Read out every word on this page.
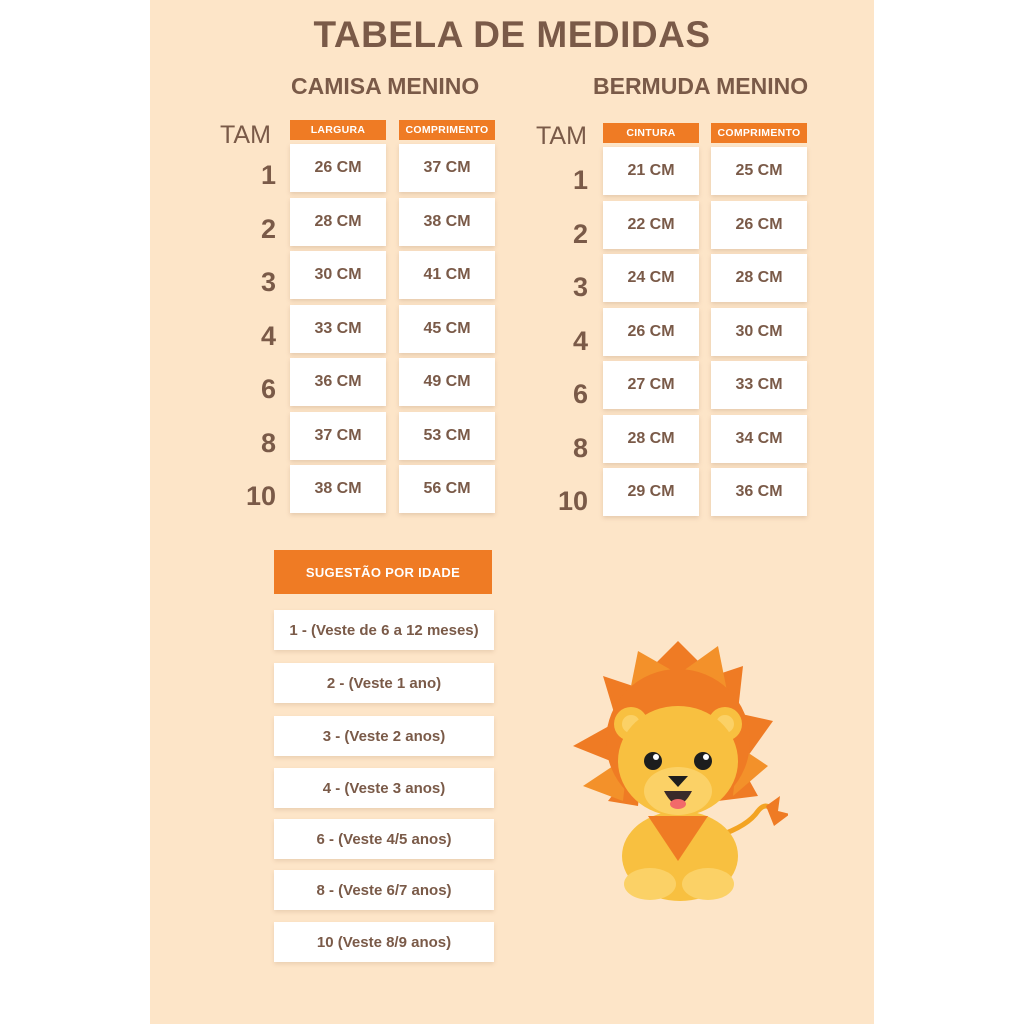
TABELA DE MEDIDAS
CAMISA MENINO
TAM	LARGURA	COMPRIMENTO
1	26 CM	37 CM
2	28 CM	38 CM
3	30 CM	41 CM
4	33 CM	45 CM
6	36 CM	49 CM
8	37 CM	53 CM
10	38 CM	56 CM
BERMUDA MENINO
TAM	CINTURA	COMPRIMENTO
1	21 CM	25 CM
2	22 CM	26 CM
3	24 CM	28 CM
4	26 CM	30 CM
6	27 CM	33 CM
8	28 CM	34 CM
10	29 CM	36 CM
SUGESTÃO POR IDADE
1 - (Veste de 6 a 12 meses)
2 - (Veste 1 ano)
3 - (Veste 2 anos)
4 - (Veste 3 anos)
6 - (Veste 4/5 anos)
8 - (Veste 6/7 anos)
10 (Veste 8/9 anos)
